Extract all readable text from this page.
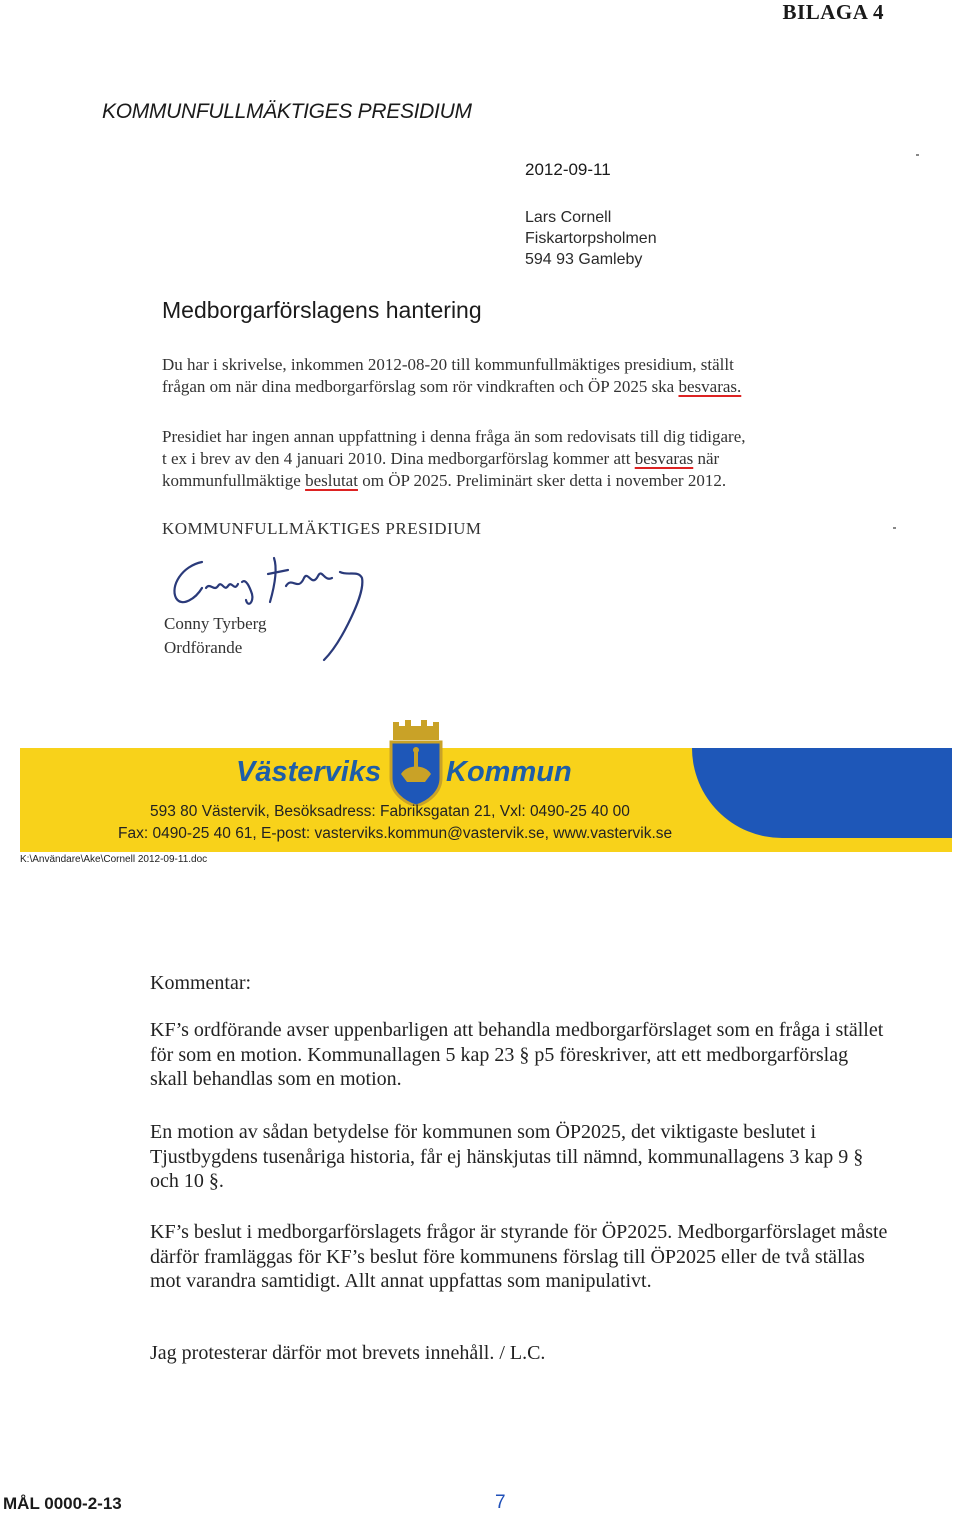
BILAGA 4
KOMMUNFULLMÄKTIGES PRESIDIUM
2012-09-11
Lars Cornell
Fiskartorpsholmen
594 93 Gamleby
Medborgarförslagens hantering
Du har i skrivelse, inkommen 2012-08-20 till kommunfullmäktiges presidium, ställt
frågan om när dina medborgarförslag som rör vindkraften och ÖP 2025 ska besvaras.
Presidiet har ingen annan uppfattning i denna fråga än som redovisats till dig tidigare,
t ex i brev av den 4 januari 2010. Dina medborgarförslag kommer att besvaras när
kommunfullmäktige beslutat om ÖP 2025. Preliminärt sker detta i november 2012.
KOMMUNFULLMÄKTIGES PRESIDIUM
Conny Tyrberg
Ordförande
Västerviks Kommun
593 80 Västervik, Besöksadress: Fabriksgatan 21, Vxl: 0490-25 40 00
Fax: 0490-25 40 61, E-post: vasterviks.kommun@vastervik.se, www.vastervik.se
K:\Användare\Ake\Cornell 2012-09-11.doc
Kommentar:
KF’s ordförande avser uppenbarligen att behandla medborgarförslaget som en fråga i stället för som en motion. Kommunallagen 5 kap 23 § p5 föreskriver, att ett medborgarförslag skall behandlas som en motion.
En motion av sådan betydelse för kommunen som ÖP2025, det viktigaste beslutet i Tjustbygdens tusenåriga historia, får ej hänskjutas till nämnd, kommunallagens 3 kap 9 § och 10 §.
KF’s beslut i medborgarförslagets frågor är styrande för ÖP2025. Medborgarförslaget måste därför framläggas för KF’s beslut före kommunens förslag till ÖP2025 eller de två ställas mot varandra samtidigt. Allt annat uppfattas som manipulativt.
Jag protesterar därför mot brevets innehåll. / L.C.
MÅL 0000-2-13	7
